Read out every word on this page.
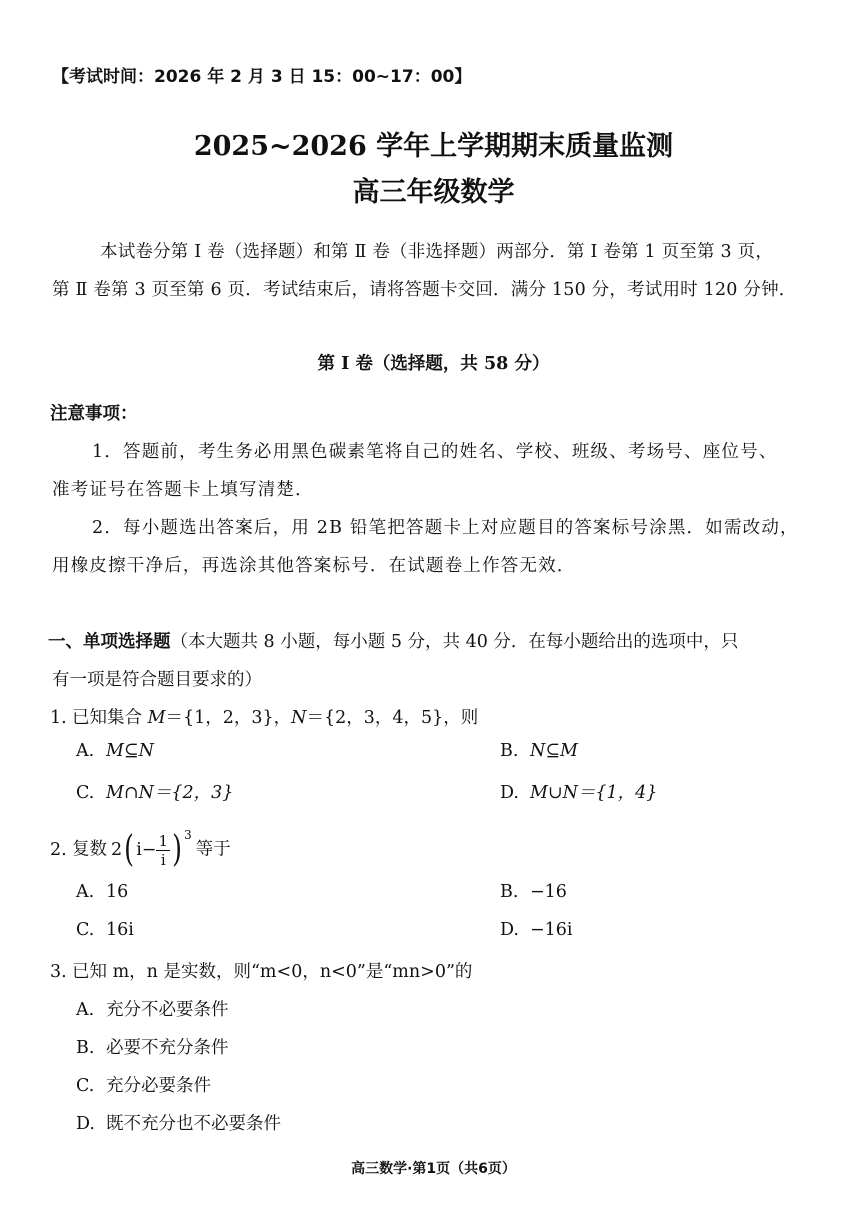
【考试时间：2026 年 2 月 3 日 15：00~17：00】
2025~2026 学年上学期期末质量监测
高三年级数学
本试卷分第 Ⅰ 卷（选择题）和第 Ⅱ 卷（非选择题）两部分．第 Ⅰ 卷第 1 页至第 3 页，
第 Ⅱ 卷第 3 页至第 6 页．考试结束后，请将答题卡交回．满分 150 分，考试用时 120 分钟．
第 Ⅰ 卷（选择题，共 58 分）
注意事项：
1．答题前，考生务必用黑色碳素笔将自己的姓名、学校、班级、考场号、座位号、
准考证号在答题卡上填写清楚．
2．每小题选出答案后，用 2B 铅笔把答题卡上对应题目的答案标号涂黑．如需改动，
用橡皮擦干净后，再选涂其他答案标号．在试题卷上作答无效．
一、单项选择题（本大题共 8 小题，每小题 5 分，共 40 分．在每小题给出的选项中，只
有一项是符合题目要求的）
1. 已知集合 M＝{1，2，3}，N＝{2，3，4，5}，则
A. M⊆N	B. N⊆M
C. M∩N＝{2，3}	D. M∪N＝{1，4}
2. 复数 2( $i- \frac{1}{i}$ ) $^3$等于
A. 16	B. −16
C. 16i	D. −16i
3. 已知 m，n 是实数，则“m<0，n<0”是“mn>0”的
A. 充分不必要条件
B. 必要不充分条件
C. 充分必要条件
D. 既不充分也不必要条件
高三数学·第1页（共6页）
